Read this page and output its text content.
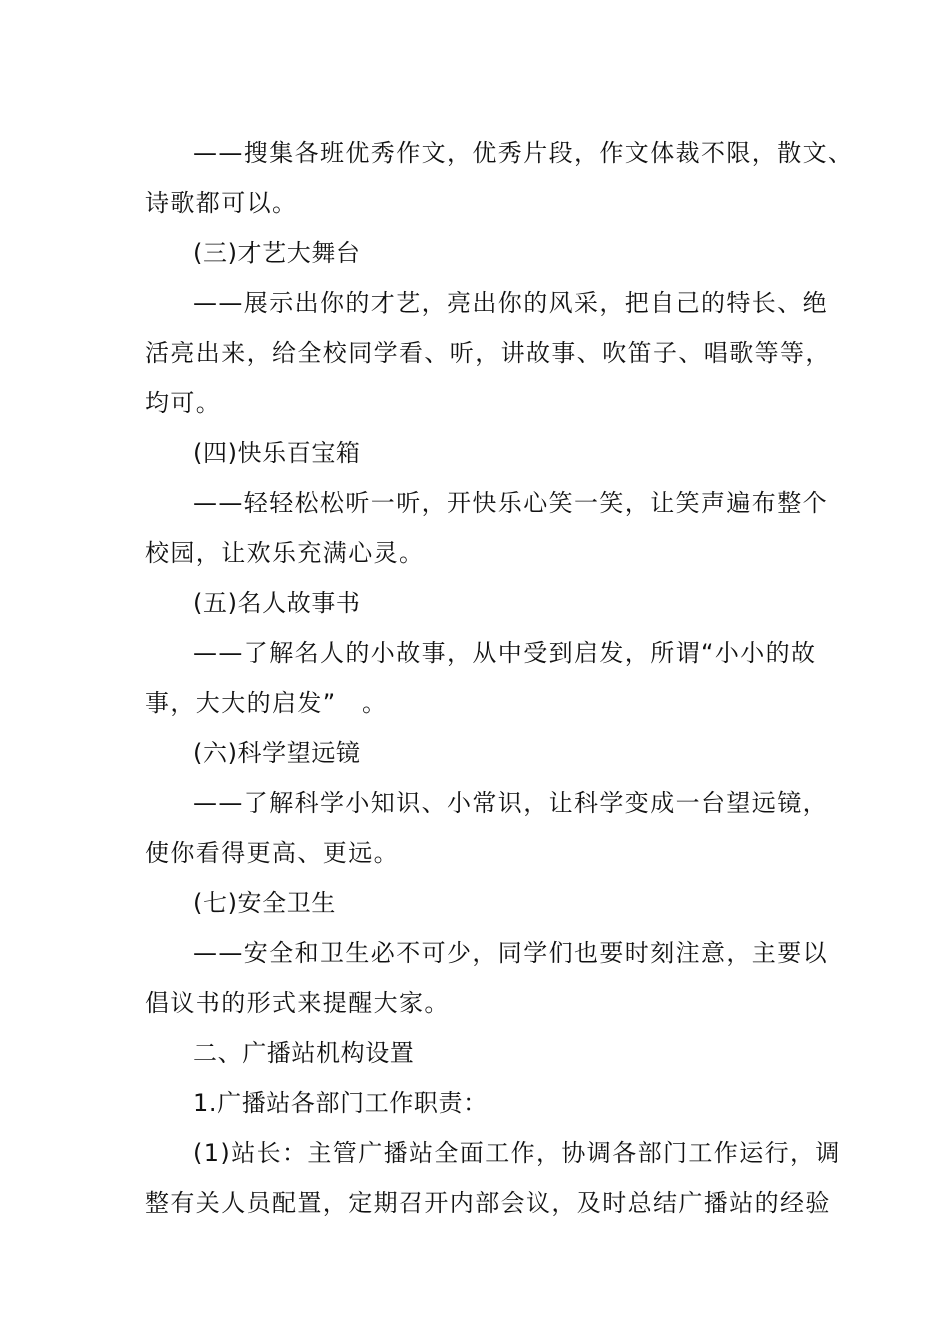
——搜集各班优秀作文，优秀片段，作文体裁不限，散文、
诗歌都可以。
(三)才艺大舞台
——展示出你的才艺，亮出你的风采，把自己的特长、绝
活亮出来，给全校同学看、听，讲故事、吹笛子、唱歌等等，
均可。
(四)快乐百宝箱
——轻轻松松听一听，开快乐心笑一笑，让笑声遍布整个
校园，让欢乐充满心灵。
(五)名人故事书
——了解名人的小故事，从中受到启发，所谓“小小的故
事，大大的启发”　。
(六)科学望远镜
——了解科学小知识、小常识，让科学变成一台望远镜，
使你看得更高、更远。
(七)安全卫生
——安全和卫生必不可少，同学们也要时刻注意，主要以
倡议书的形式来提醒大家。
二、广播站机构设置
1.广播站各部门工作职责：
(1)站长：主管广播站全面工作，协调各部门工作运行，调
整有关人员配置，定期召开内部会议，及时总结广播站的经验
